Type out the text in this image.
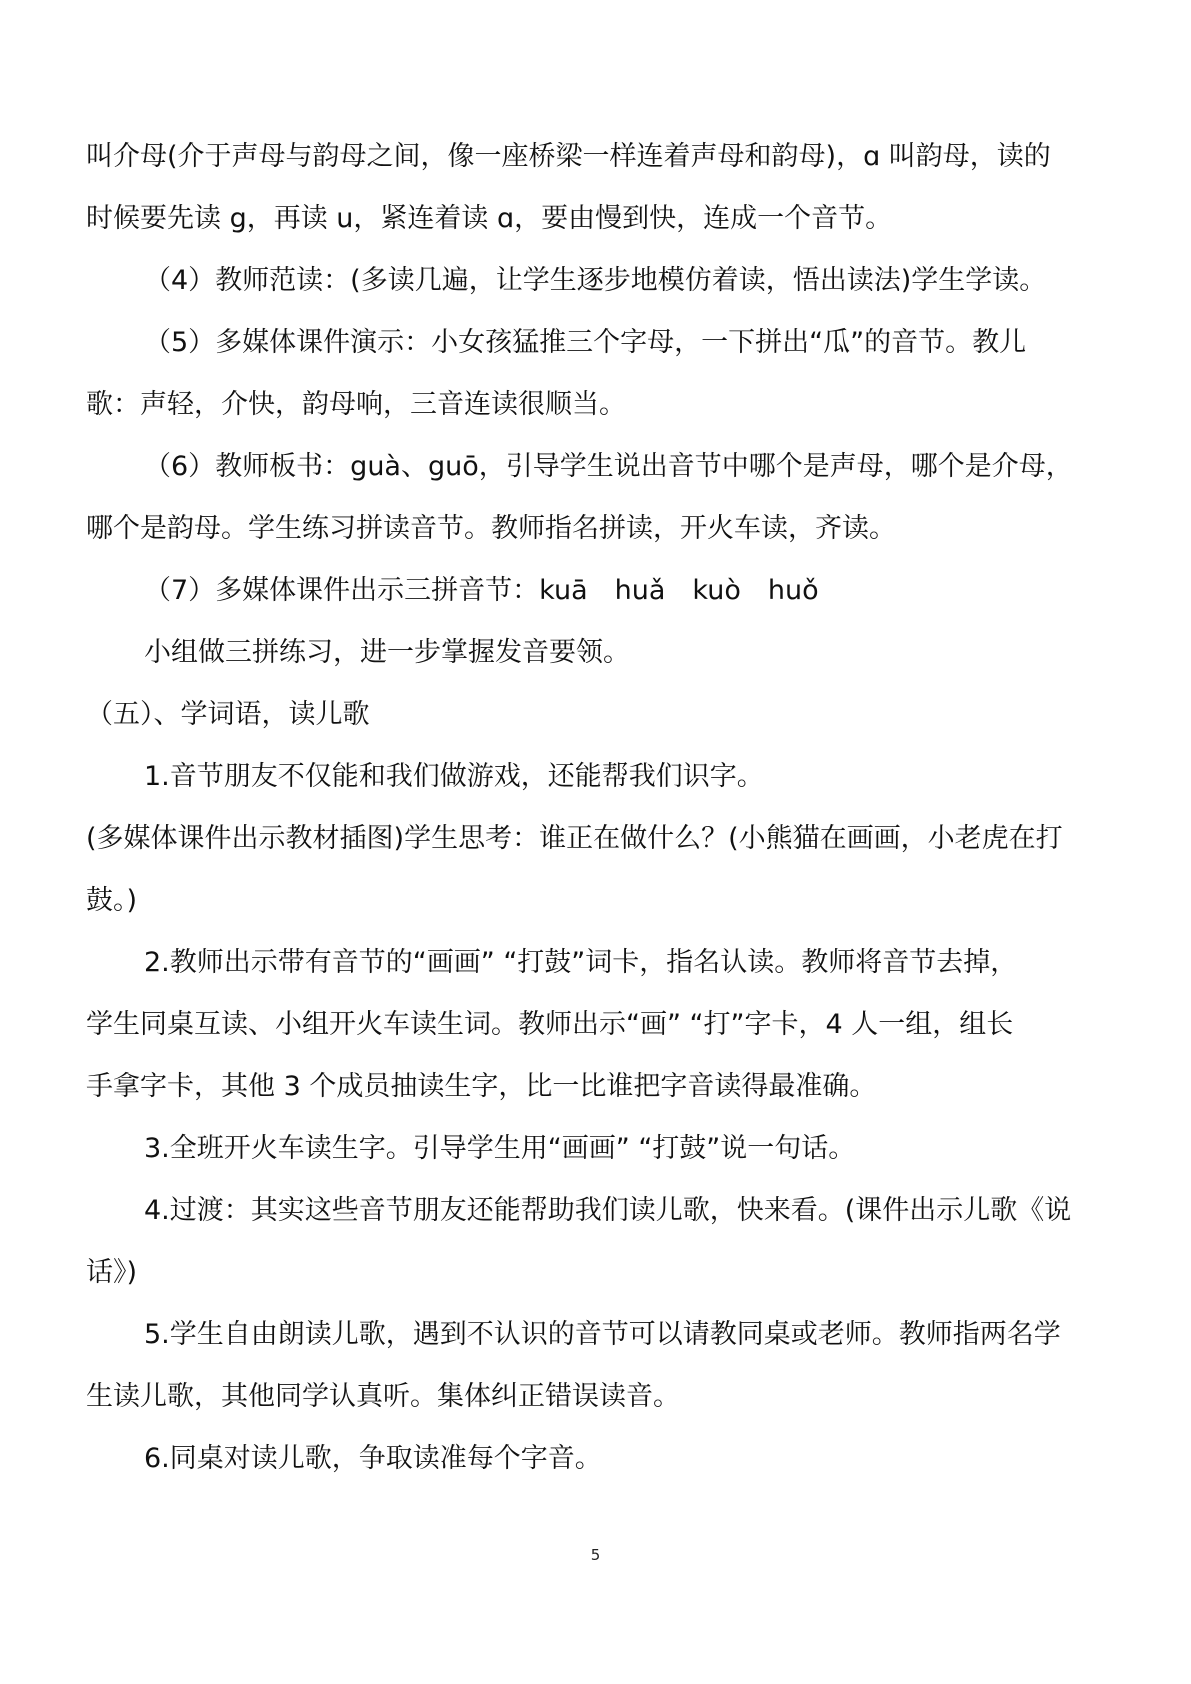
叫介母(介于声母与韵母之间，像一座桥梁一样连着声母和韵母)，ɑ 叫韵母，读的

时候要先读 g，再读 u，紧连着读 ɑ，要由慢到快，连成一个音节。

（4）教师范读：(多读几遍，让学生逐步地模仿着读，悟出读法)学生学读。

（5）多媒体课件演示：小女孩猛推三个字母，一下拼出“瓜”的音节。教儿

歌：声轻，介快，韵母响，三音连读很顺当。

（6）教师板书：guà、guō，引导学生说出音节中哪个是声母，哪个是介母，

哪个是韵母。学生练习拼读音节。教师指名拼读，开火车读，齐读。

（7）多媒体课件出示三拼音节：kuā　huǎ　kuò　huǒ

小组做三拼练习，进一步掌握发音要领。

（五）、学词语，读儿歌

1.音节朋友不仅能和我们做游戏，还能帮我们识字。

(多媒体课件出示教材插图)学生思考：谁正在做什么？(小熊猫在画画，小老虎在打

鼓。)

2.教师出示带有音节的“画画” “打鼓”词卡，指名认读。教师将音节去掉，

学生同桌互读、小组开火车读生词。教师出示“画” “打”字卡，4 人一组，组长

手拿字卡，其他 3 个成员抽读生字，比一比谁把字音读得最准确。

3.全班开火车读生字。引导学生用“画画” “打鼓”说一句话。

4.过渡：其实这些音节朋友还能帮助我们读儿歌，快来看。(课件出示儿歌《说

话》)

5.学生自由朗读儿歌，遇到不认识的音节可以请教同桌或老师。教师指两名学

生读儿歌，其他同学认真听。集体纠正错误读音。

6.同桌对读儿歌，争取读准每个字音。

5
